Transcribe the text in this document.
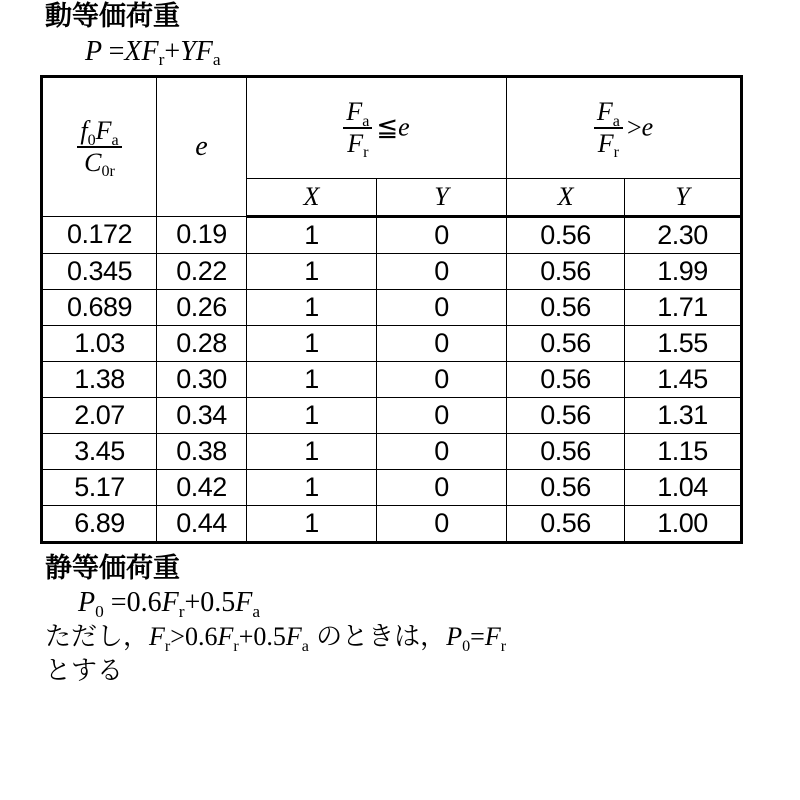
動等価荷重
$P =XF_r+YF_a$
$\frac{f_0F_a}{C_{0r}}$	e	$\frac{F_a}{F_r}$ ≦e		$\frac{F_a}{F_r} >e$	
		X	Y	X	Y
0.172	0.19	1	0	0.56	2.30
0.345	0.22	1	0	0.56	1.99
0.689	0.26	1	0	0.56	1.71
1.03	0.28	1	0	0.56	1.55
1.38	0.30	1	0	0.56	1.45
2.07	0.34	1	0	0.56	1.31
3.45	0.38	1	0	0.56	1.15
5.17	0.42	1	0	0.56	1.04
6.89	0.44	1	0	0.56	1.00
静等価荷重
$P_0 =0.6F_r+0.5F_a$
ただし，$F_r>0.6F_r+0.5F_a$ のときは，$P_0=F_r$
とする
